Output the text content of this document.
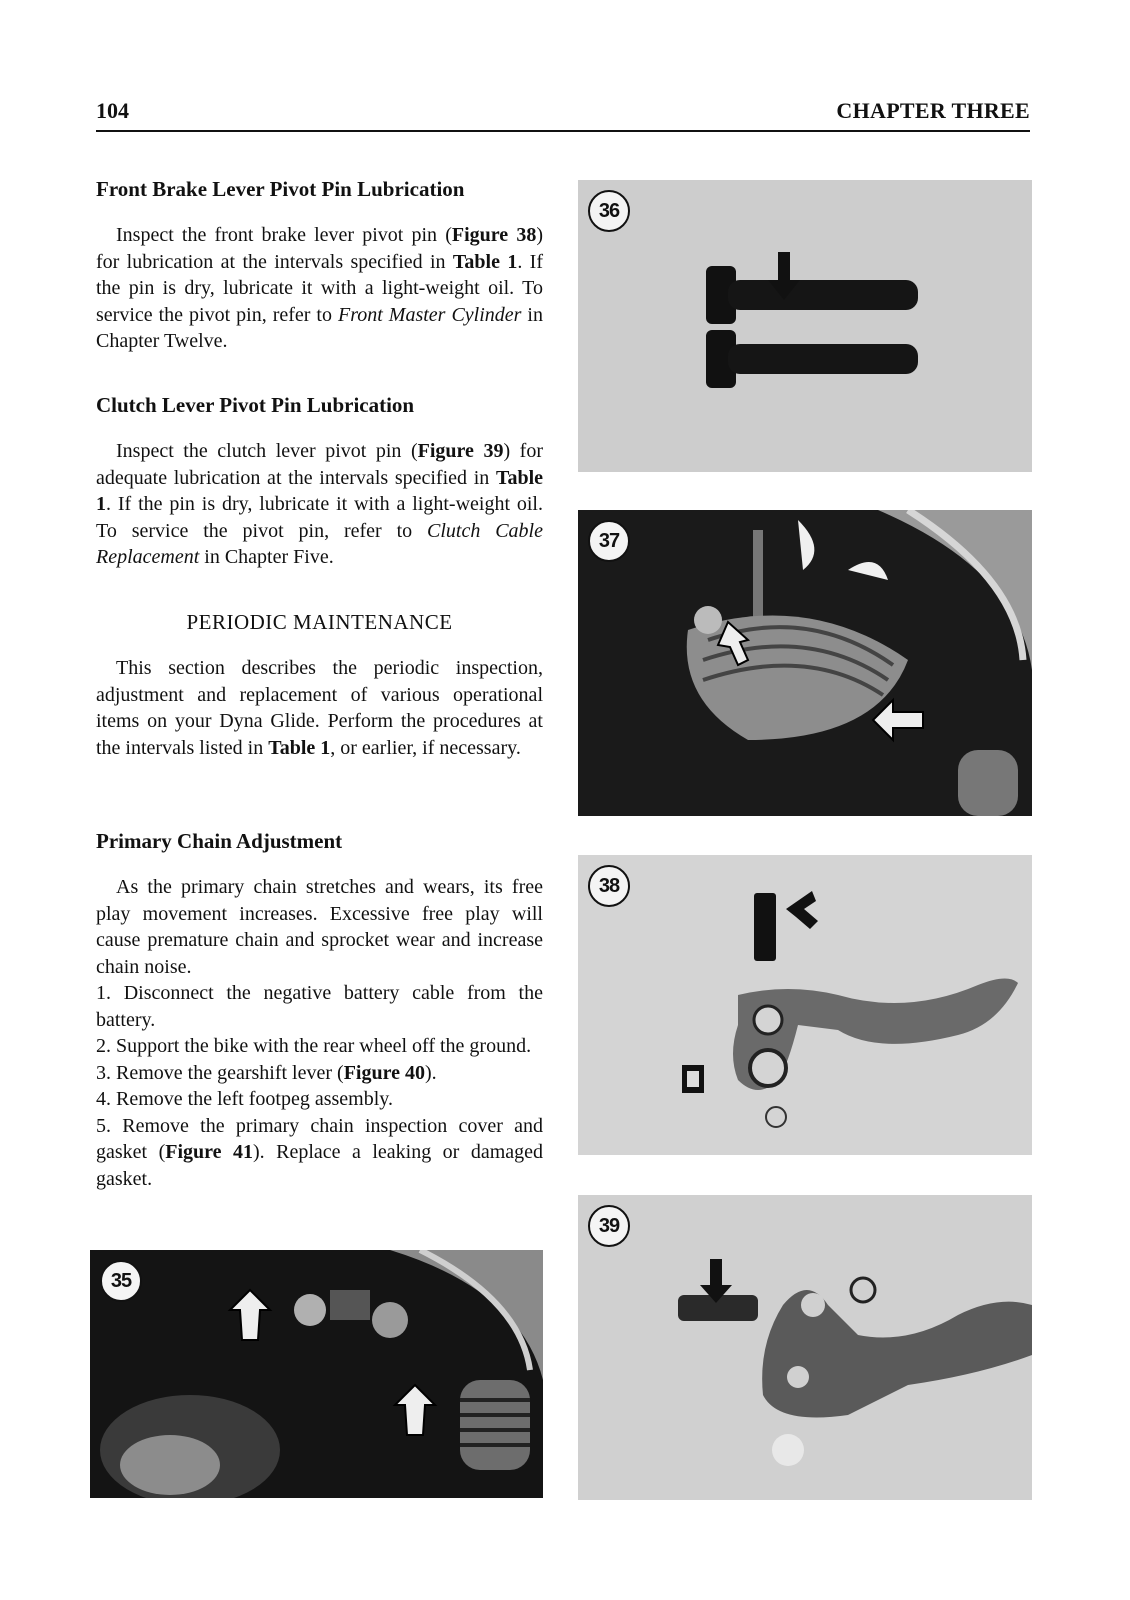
104	CHAPTER THREE
Front Brake Lever Pivot Pin Lubrication

Inspect the front brake lever pivot pin (Figure 38) for lubrication at the intervals specified in Table 1. If the pin is dry, lubricate it with a light-weight oil. To service the pivot pin, refer to Front Master Cylinder in Chapter Twelve.

Clutch Lever Pivot Pin Lubrication

Inspect the clutch lever pivot pin (Figure 39) for adequate lubrication at the intervals specified in Table 1. If the pin is dry, lubricate it with a light-weight oil. To service the pivot pin, refer to Clutch Cable Replacement in Chapter Five.

PERIODIC MAINTENANCE

This section describes the periodic inspection, adjustment and replacement of various operational items on your Dyna Glide. Perform the procedures at the intervals listed in Table 1, or earlier, if necessary.

Primary Chain Adjustment

As the primary chain stretches and wears, its free play movement increases. Excessive free play will cause premature chain and sprocket wear and increase chain noise.

1. Disconnect the negative battery cable from the battery.
2. Support the bike with the rear wheel off the ground.
3. Remove the gearshift lever (Figure 40).
4. Remove the left footpeg assembly.
5. Remove the primary chain inspection cover and gasket (Figure 41). Replace a leaking or damaged gasket.
35
36
37
38
39
